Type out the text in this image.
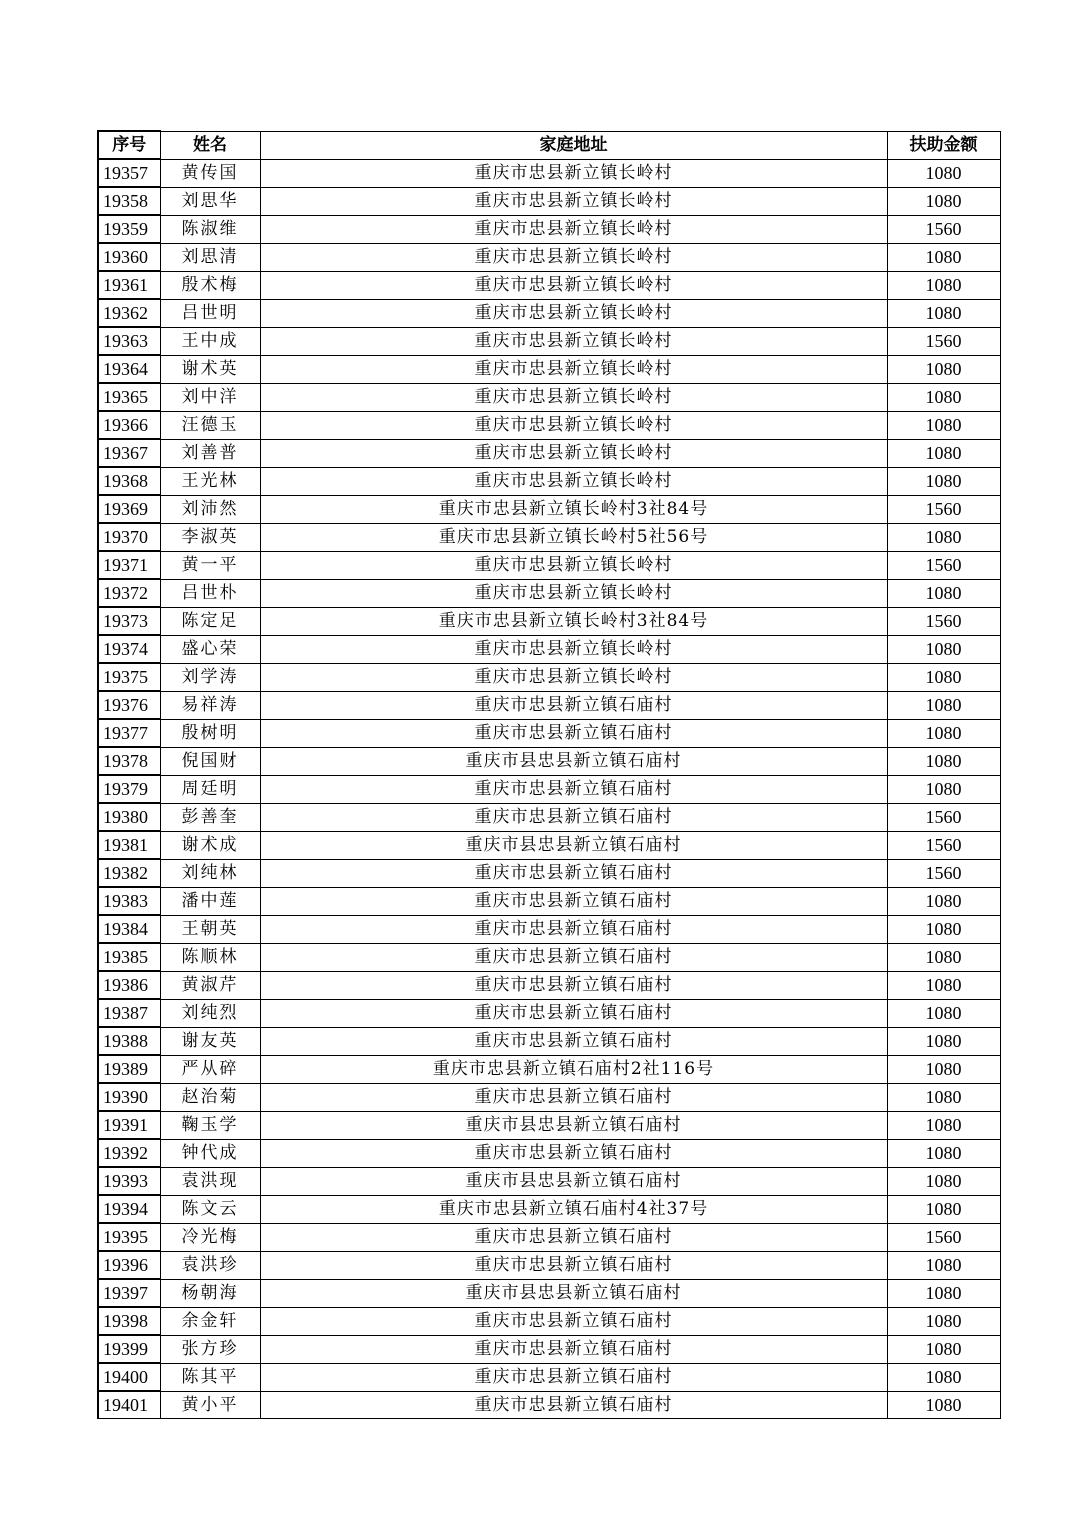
序号	姓名	家庭地址	扶助金额
19357	黄传国	重庆市忠县新立镇长岭村	1080
19358	刘思华	重庆市忠县新立镇长岭村	1080
19359	陈淑维	重庆市忠县新立镇长岭村	1560
19360	刘思清	重庆市忠县新立镇长岭村	1080
19361	殷术梅	重庆市忠县新立镇长岭村	1080
19362	吕世明	重庆市忠县新立镇长岭村	1080
19363	王中成	重庆市忠县新立镇长岭村	1560
19364	谢术英	重庆市忠县新立镇长岭村	1080
19365	刘中洋	重庆市忠县新立镇长岭村	1080
19366	汪德玉	重庆市忠县新立镇长岭村	1080
19367	刘善普	重庆市忠县新立镇长岭村	1080
19368	王光林	重庆市忠县新立镇长岭村	1080
19369	刘沛然	重庆市忠县新立镇长岭村3社84号	1560
19370	李淑英	重庆市忠县新立镇长岭村5社56号	1080
19371	黄一平	重庆市忠县新立镇长岭村	1560
19372	吕世朴	重庆市忠县新立镇长岭村	1080
19373	陈定足	重庆市忠县新立镇长岭村3社84号	1560
19374	盛心荣	重庆市忠县新立镇长岭村	1080
19375	刘学涛	重庆市忠县新立镇长岭村	1080
19376	易祥涛	重庆市忠县新立镇石庙村	1080
19377	殷树明	重庆市忠县新立镇石庙村	1080
19378	倪国财	重庆市县忠县新立镇石庙村	1080
19379	周廷明	重庆市忠县新立镇石庙村	1080
19380	彭善奎	重庆市忠县新立镇石庙村	1560
19381	谢术成	重庆市县忠县新立镇石庙村	1560
19382	刘纯林	重庆市忠县新立镇石庙村	1560
19383	潘中莲	重庆市忠县新立镇石庙村	1080
19384	王朝英	重庆市忠县新立镇石庙村	1080
19385	陈顺林	重庆市忠县新立镇石庙村	1080
19386	黄淑芹	重庆市忠县新立镇石庙村	1080
19387	刘纯烈	重庆市忠县新立镇石庙村	1080
19388	谢友英	重庆市忠县新立镇石庙村	1080
19389	严从碎	重庆市忠县新立镇石庙村2社116号	1080
19390	赵治菊	重庆市忠县新立镇石庙村	1080
19391	鞠玉学	重庆市县忠县新立镇石庙村	1080
19392	钟代成	重庆市忠县新立镇石庙村	1080
19393	袁洪现	重庆市县忠县新立镇石庙村	1080
19394	陈文云	重庆市忠县新立镇石庙村4社37号	1080
19395	冷光梅	重庆市忠县新立镇石庙村	1560
19396	袁洪珍	重庆市忠县新立镇石庙村	1080
19397	杨朝海	重庆市县忠县新立镇石庙村	1080
19398	余金轩	重庆市忠县新立镇石庙村	1080
19399	张方珍	重庆市忠县新立镇石庙村	1080
19400	陈其平	重庆市忠县新立镇石庙村	1080
19401	黄小平	重庆市忠县新立镇石庙村	1080
